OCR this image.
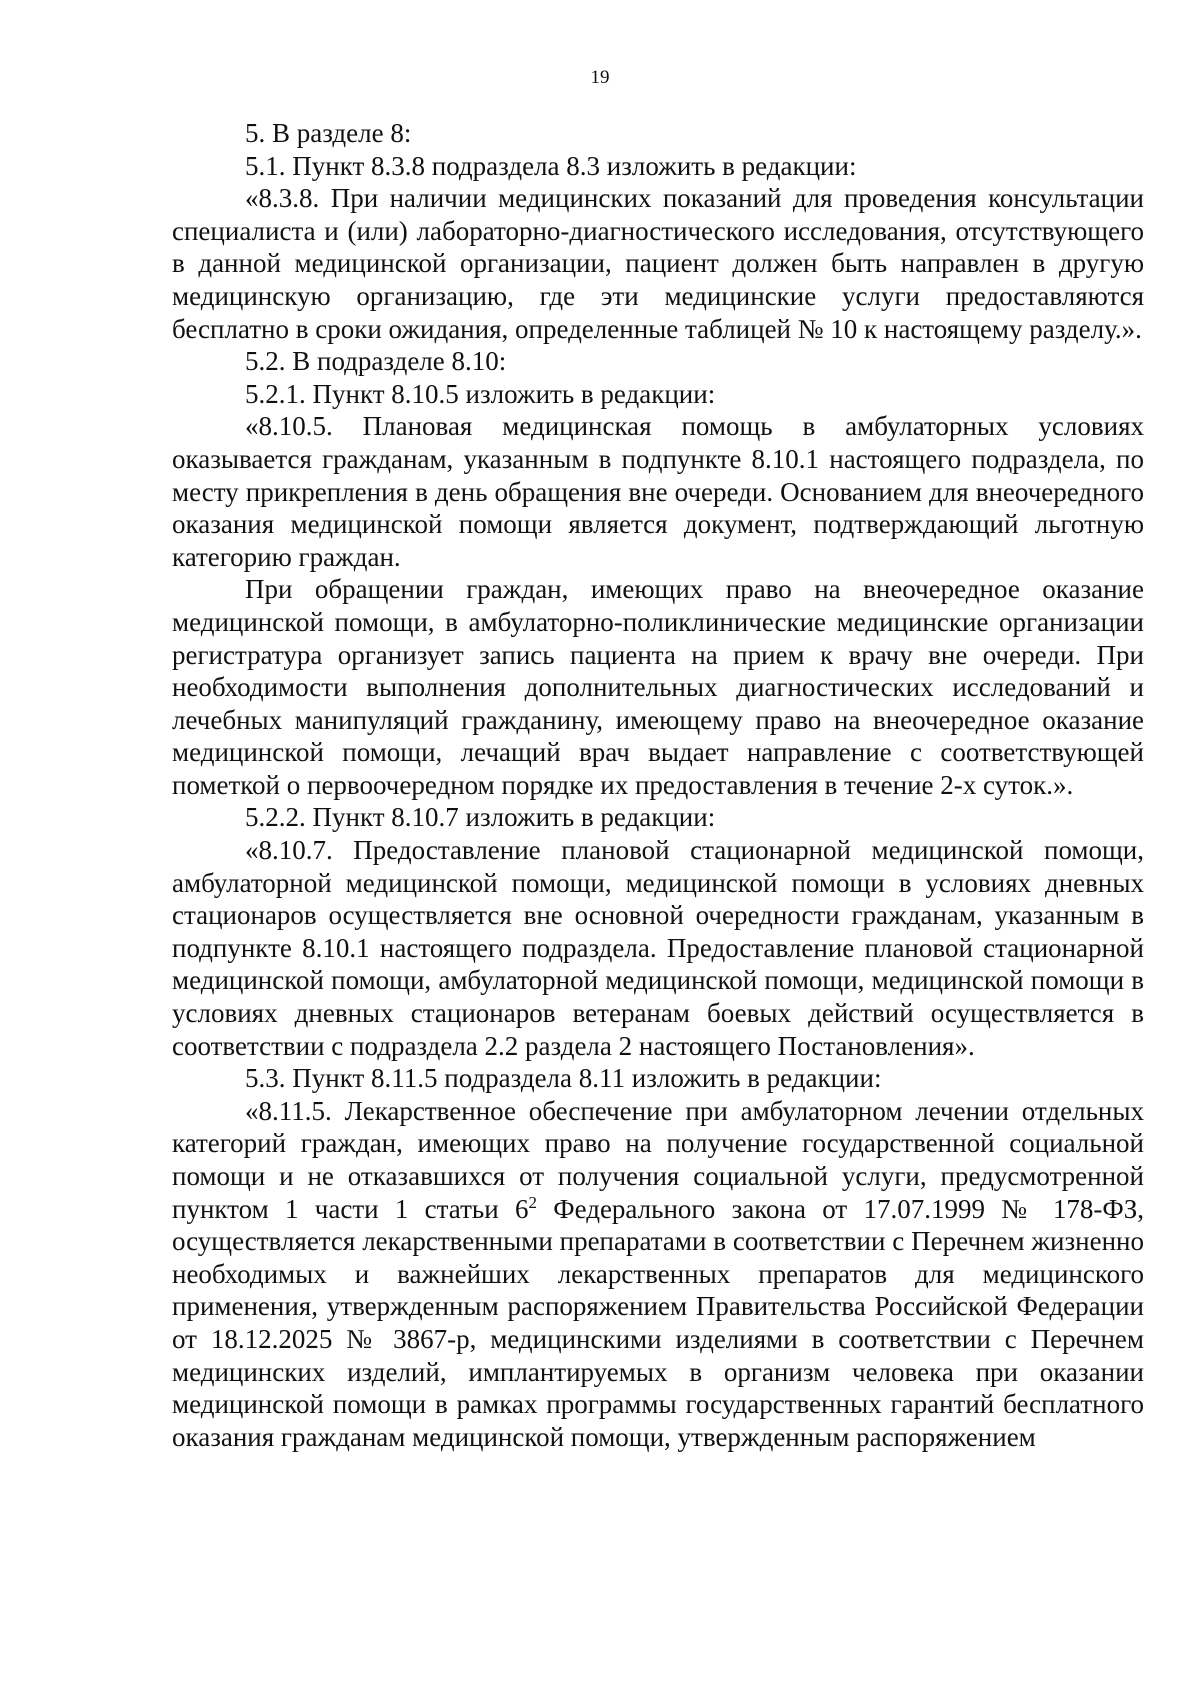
19

5. В разделе 8:

5.1. Пункт 8.3.8 подраздела 8.3 изложить в редакции:

«8.3.8. При наличии медицинских показаний для проведения консультации специалиста и (или) лабораторно-диагностического исследования, отсутствующего в данной медицинской организации, пациент должен быть направлен в другую медицинскую организацию, где эти медицинские услуги предоставляются бесплатно в сроки ожидания, определенные таблицей № 10 к настоящему разделу.».

5.2. В подразделе 8.10:

5.2.1. Пункт 8.10.5 изложить в редакции:

«8.10.5. Плановая медицинская помощь в амбулаторных условиях оказывается гражданам, указанным в подпункте 8.10.1 настоящего подраздела, по месту прикрепления в день обращения вне очереди. Основанием для внеочередного оказания медицинской помощи является документ, подтверждающий льготную категорию граждан.

При обращении граждан, имеющих право на внеочередное оказание медицинской помощи, в амбулаторно-поликлинические медицинские организации регистратура организует запись пациента на прием к врачу вне очереди. При необходимости выполнения дополнительных диагностических исследований и лечебных манипуляций гражданину, имеющему право на внеочередное оказание медицинской помощи, лечащий врач выдает направление с соответствующей пометкой о первоочередном порядке их предоставления в течение 2-х суток.».

5.2.2. Пункт 8.10.7 изложить в редакции:

«8.10.7. Предоставление плановой стационарной медицинской помощи, амбулаторной медицинской помощи, медицинской помощи в условиях дневных стационаров осуществляется вне основной очередности гражданам, указанным в подпункте 8.10.1 настоящего подраздела. Предоставление плановой стационарной медицинской помощи, амбулаторной медицинской помощи, медицинской помощи в условиях дневных стационаров ветеранам боевых действий осуществляется в соответствии с подраздела 2.2 раздела 2 настоящего Постановления».

5.3. Пункт 8.11.5 подраздела 8.11 изложить в редакции:

«8.11.5. Лекарственное обеспечение при амбулаторном лечении отдельных категорий граждан, имеющих право на получение государственной социальной помощи и не отказавшихся от получения социальной услуги, предусмотренной пунктом 1 части 1 статьи $6^2$ Федерального закона от 17.07.1999 № 178-ФЗ, осуществляется лекарственными препаратами в соответствии с Перечнем жизненно необходимых и важнейших лекарственных препаратов для медицинского применения, утвержденным распоряжением Правительства Российской Федерации от 18.12.2025 № 3867-р, медицинскими изделиями в соответствии с Перечнем медицинских изделий, имплантируемых в организм человека при оказании медицинской помощи в рамках программы государственных гарантий бесплатного оказания гражданам медицинской помощи, утвержденным распоряжением
